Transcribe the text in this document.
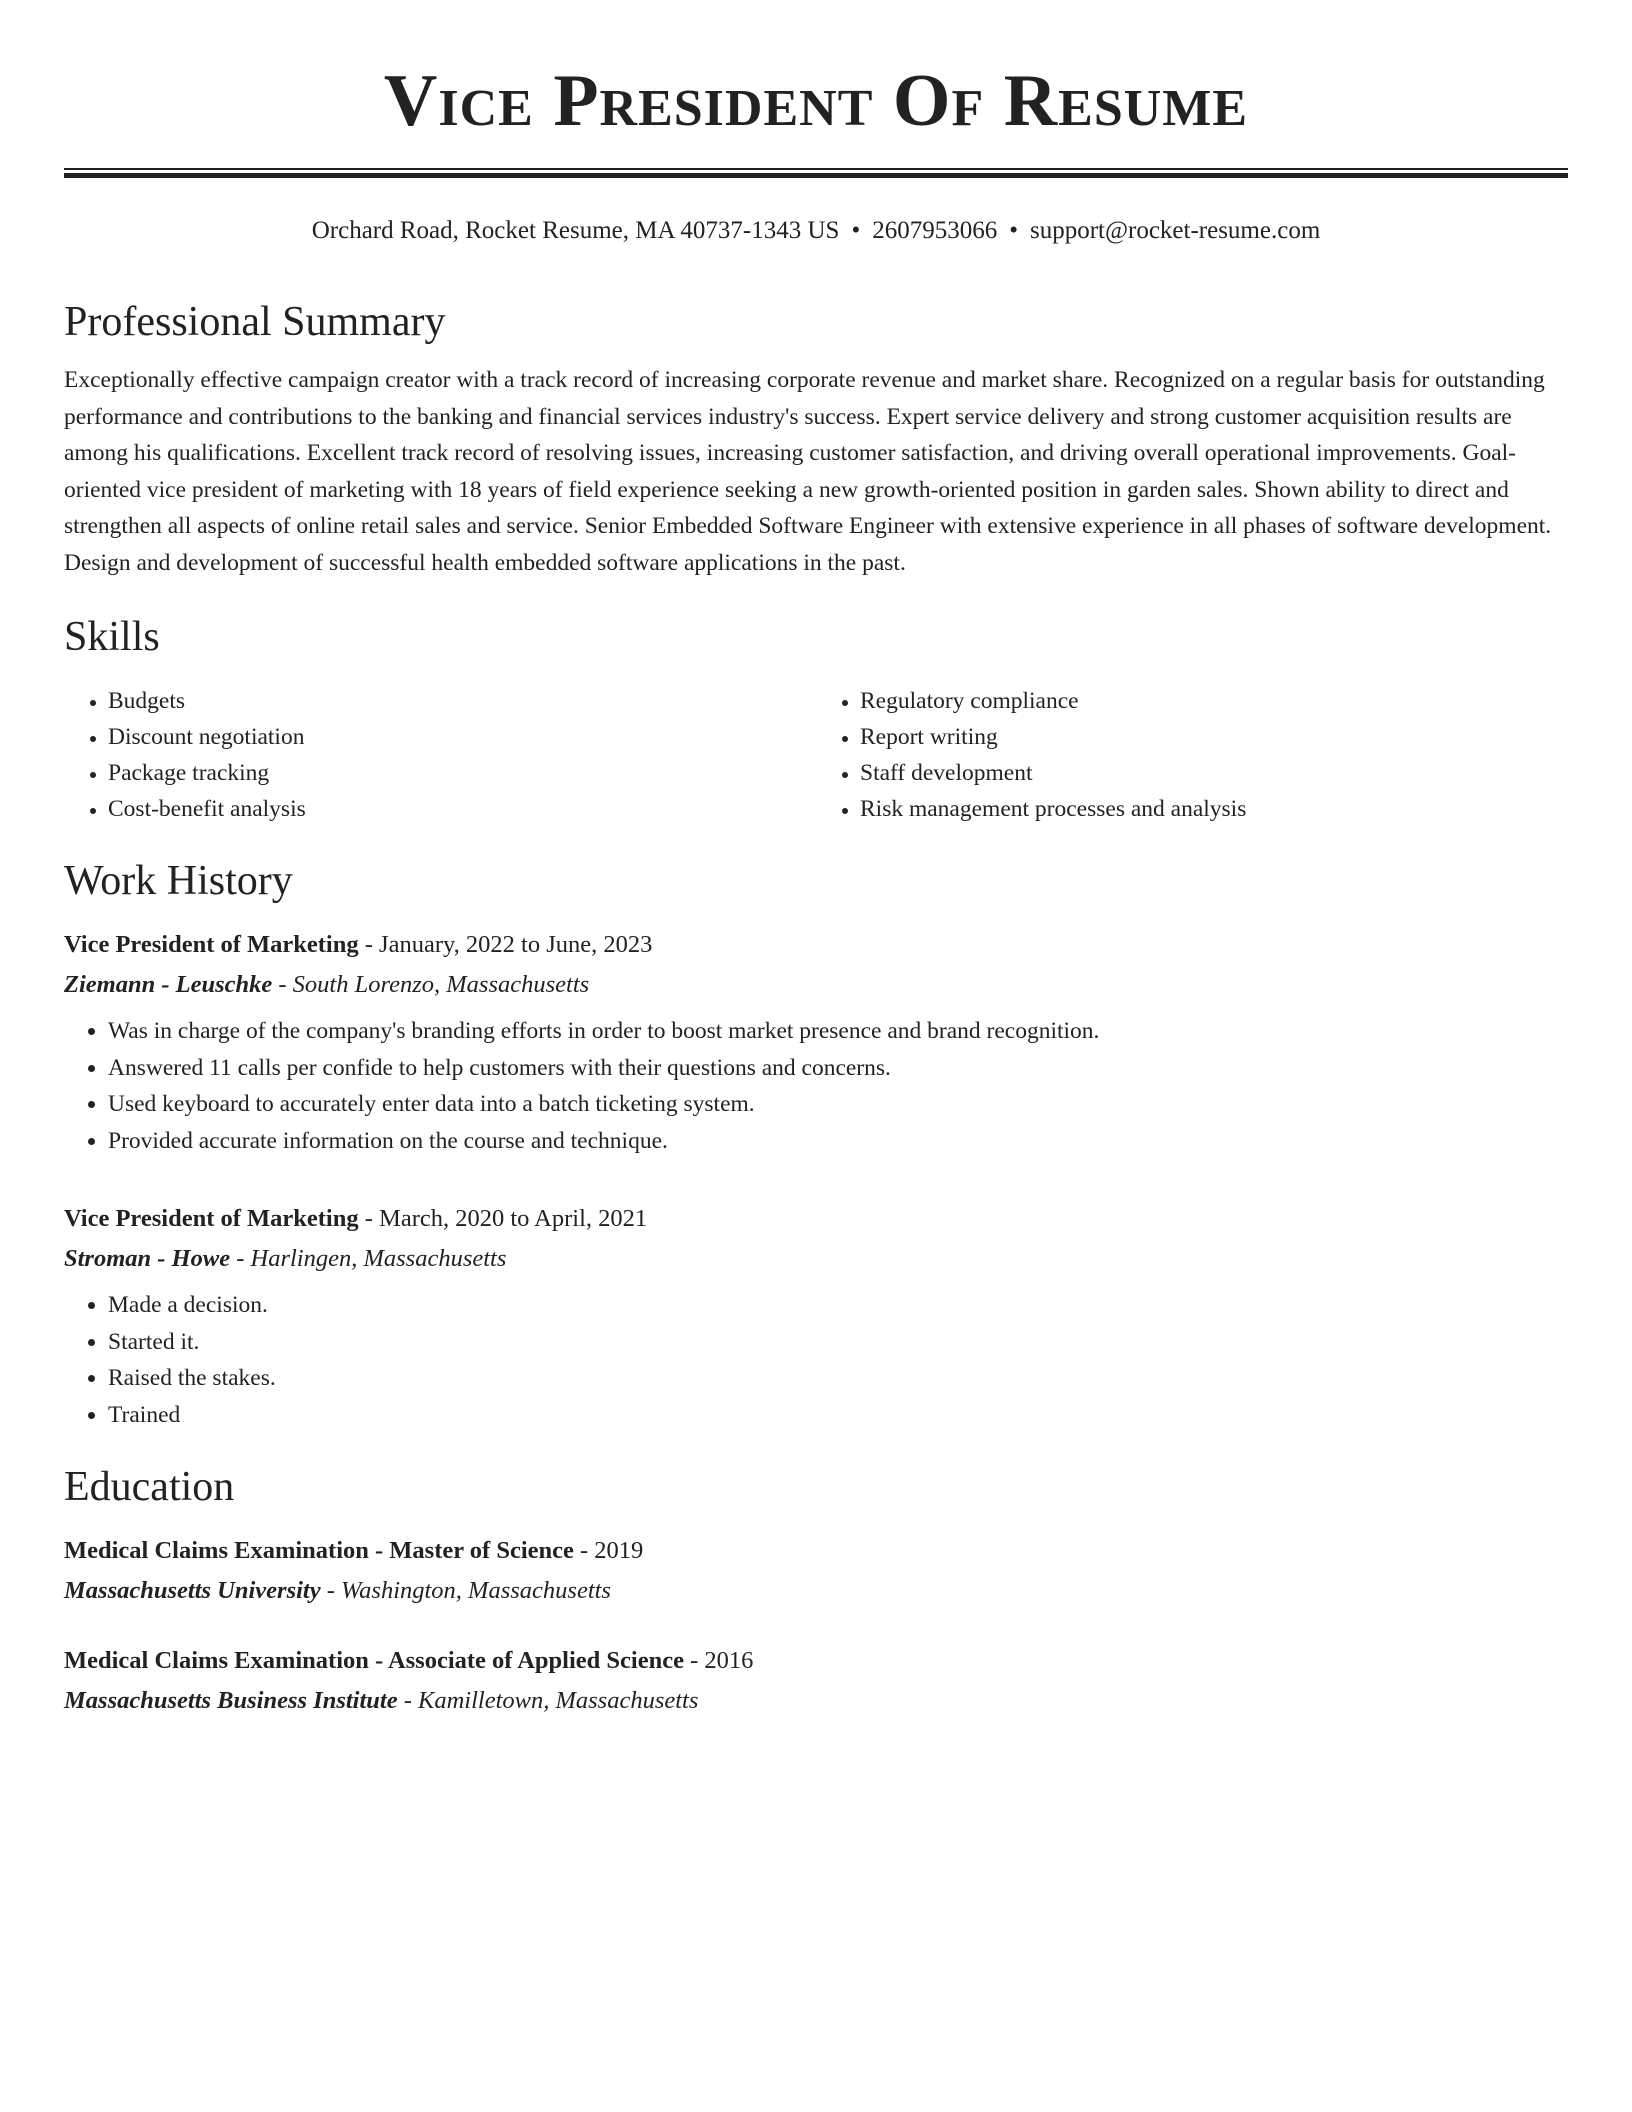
Vice President Of Resume
Orchard Road, Rocket Resume, MA 40737-1343 US • 2607953066 • support@rocket-resume.com
Professional Summary
Exceptionally effective campaign creator with a track record of increasing corporate revenue and market share. Recognized on a regular basis for outstanding performance and contributions to the banking and financial services industry's success. Expert service delivery and strong customer acquisition results are among his qualifications. Excellent track record of resolving issues, increasing customer satisfaction, and driving overall operational improvements. Goal-oriented vice president of marketing with 18 years of field experience seeking a new growth-oriented position in garden sales. Shown ability to direct and strengthen all aspects of online retail sales and service. Senior Embedded Software Engineer with extensive experience in all phases of software development. Design and development of successful health embedded software applications in the past.
Skills
• Budgets
• Discount negotiation
• Package tracking
• Cost-benefit analysis
• Regulatory compliance
• Report writing
• Staff development
• Risk management processes and analysis
Work History
Vice President of Marketing - January, 2022 to June, 2023
Ziemann - Leuschke - South Lorenzo, Massachusetts
• Was in charge of the company's branding efforts in order to boost market presence and brand recognition.
• Answered 11 calls per confide to help customers with their questions and concerns.
• Used keyboard to accurately enter data into a batch ticketing system.
• Provided accurate information on the course and technique.
Vice President of Marketing - March, 2020 to April, 2021
Stroman - Howe - Harlingen, Massachusetts
• Made a decision.
• Started it.
• Raised the stakes.
• Trained
Education
Medical Claims Examination - Master of Science - 2019
Massachusetts University - Washington, Massachusetts
Medical Claims Examination - Associate of Applied Science - 2016
Massachusetts Business Institute - Kamilletown, Massachusetts
